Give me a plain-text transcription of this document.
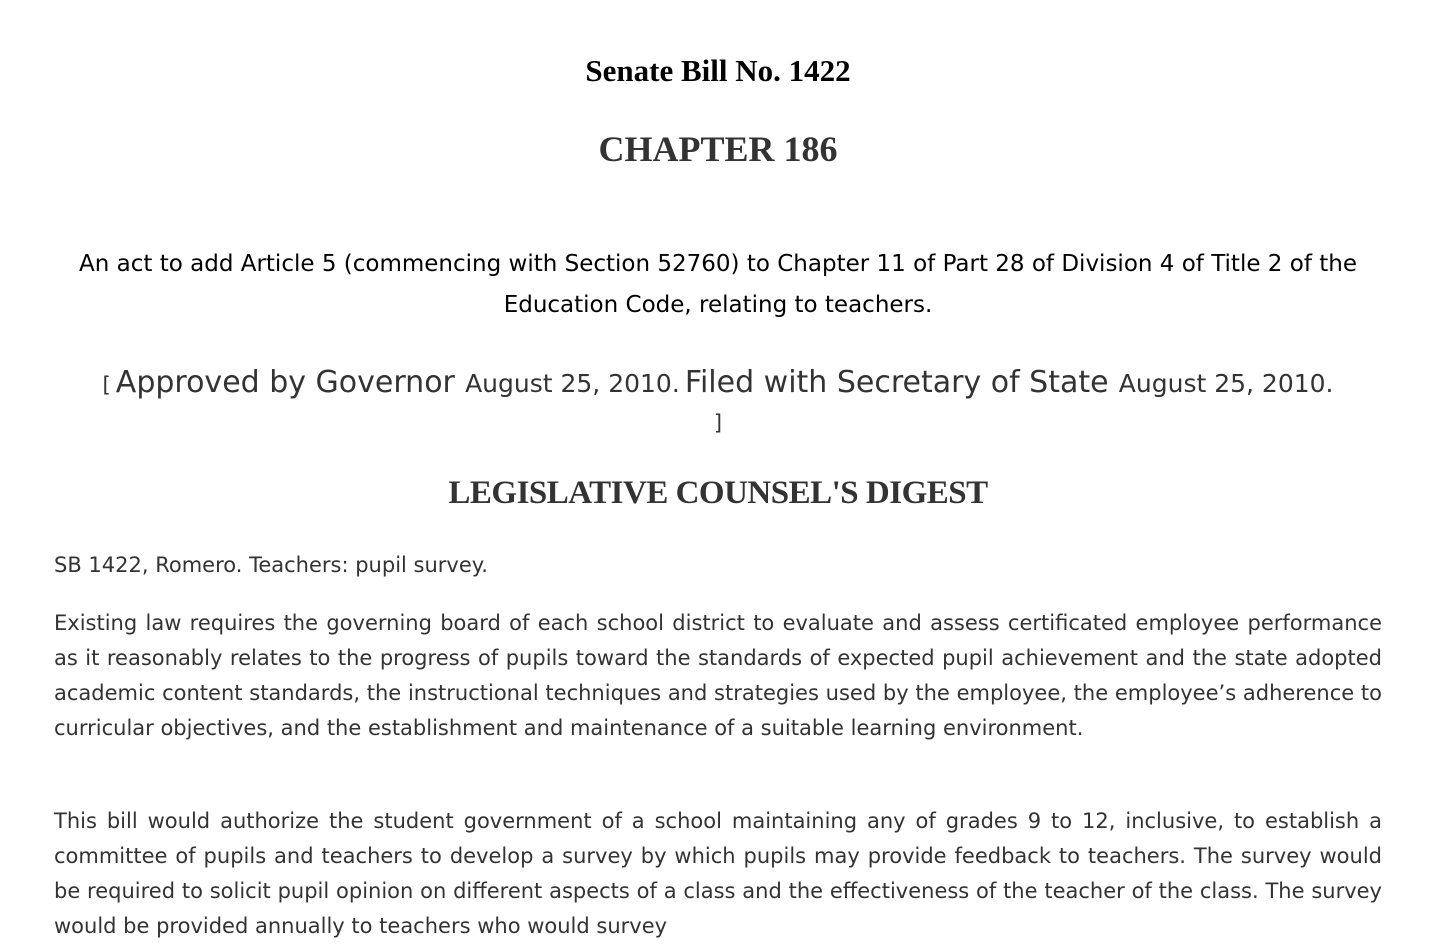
Senate Bill No. 1422
CHAPTER 186

An act to add Article 5 (commencing with Section 52760) to Chapter 11 of Part 28 of Division 4 of Title 2 of the Education Code, relating to teachers.

[ Approved by Governor August 25, 2010. Filed with Secretary of State August 25, 2010.

]

LEGISLATIVE COUNSEL'S DIGEST

SB 1422, Romero. Teachers: pupil survey.

Existing law requires the governing board of each school district to evaluate and assess certificated employee performance as it reasonably relates to the progress of pupils toward the standards of expected pupil achievement and the state adopted academic content standards, the instructional techniques and strategies used by the employee, the employee’s adherence to curricular objectives, and the establishment and maintenance of a suitable learning environment.

This bill would authorize the student government of a school maintaining any of grades 9 to 12, inclusive, to establish a committee of pupils and teachers to develop a survey by which pupils may provide feedback to teachers. The survey would be required to solicit pupil opinion on different aspects of a class and the effectiveness of the teacher of the class. The survey would be provided annually to teachers who would survey
